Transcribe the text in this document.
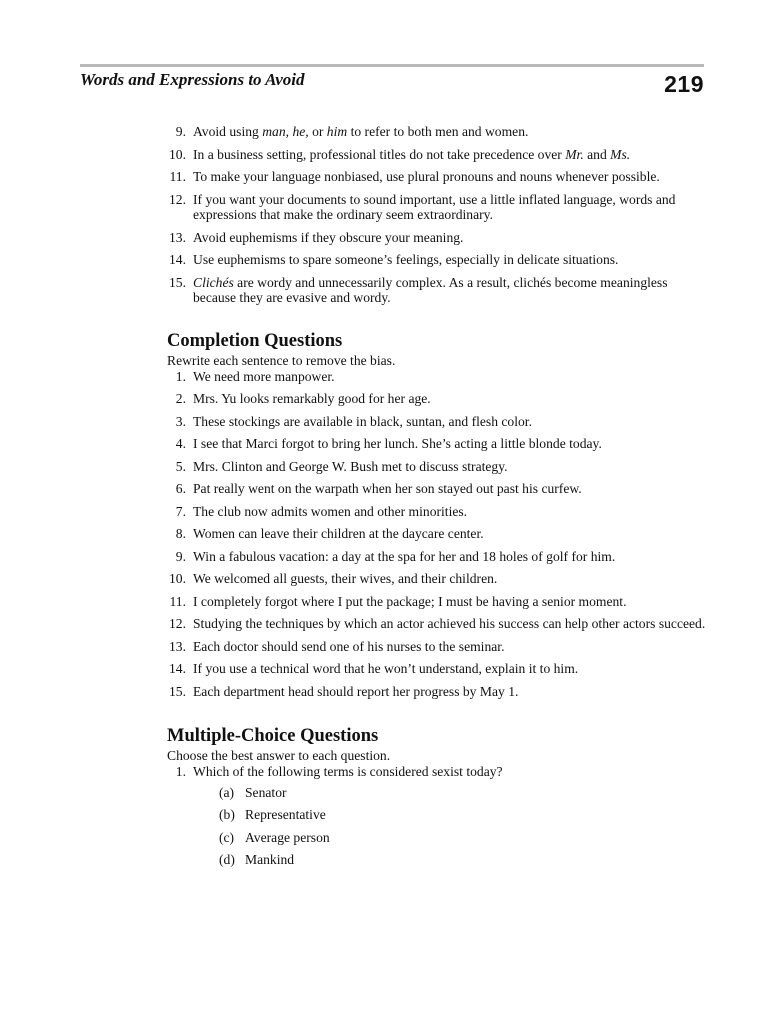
Words and Expressions to Avoid	219
9. Avoid using man, he, or him to refer to both men and women.
10. In a business setting, professional titles do not take precedence over Mr. and Ms.
11. To make your language nonbiased, use plural pronouns and nouns whenever possible.
12. If you want your documents to sound important, use a little inflated language, words and expressions that make the ordinary seem extraordinary.
13. Avoid euphemisms if they obscure your meaning.
14. Use euphemisms to spare someone’s feelings, especially in delicate situations.
15. Clichés are wordy and unnecessarily complex. As a result, clichés become meaningless because they are evasive and wordy.
Completion Questions

Rewrite each sentence to remove the bias.

1. We need more manpower.
2. Mrs. Yu looks remarkably good for her age.
3. These stockings are available in black, suntan, and flesh color.
4. I see that Marci forgot to bring her lunch. She’s acting a little blonde today.
5. Mrs. Clinton and George W. Bush met to discuss strategy.
6. Pat really went on the warpath when her son stayed out past his curfew.
7. The club now admits women and other minorities.
8. Women can leave their children at the daycare center.
9. Win a fabulous vacation: a day at the spa for her and 18 holes of golf for him.
10. We welcomed all guests, their wives, and their children.
11. I completely forgot where I put the package; I must be having a senior moment.
12. Studying the techniques by which an actor achieved his success can help other actors succeed.
13. Each doctor should send one of his nurses to the seminar.
14. If you use a technical word that he won’t understand, explain it to him.
15. Each department head should report her progress by May 1.
Multiple-Choice Questions

Choose the best answer to each question.

1. Which of the following terms is considered sexist today?
(a) Senator
(b) Representative
(c) Average person
(d) Mankind
